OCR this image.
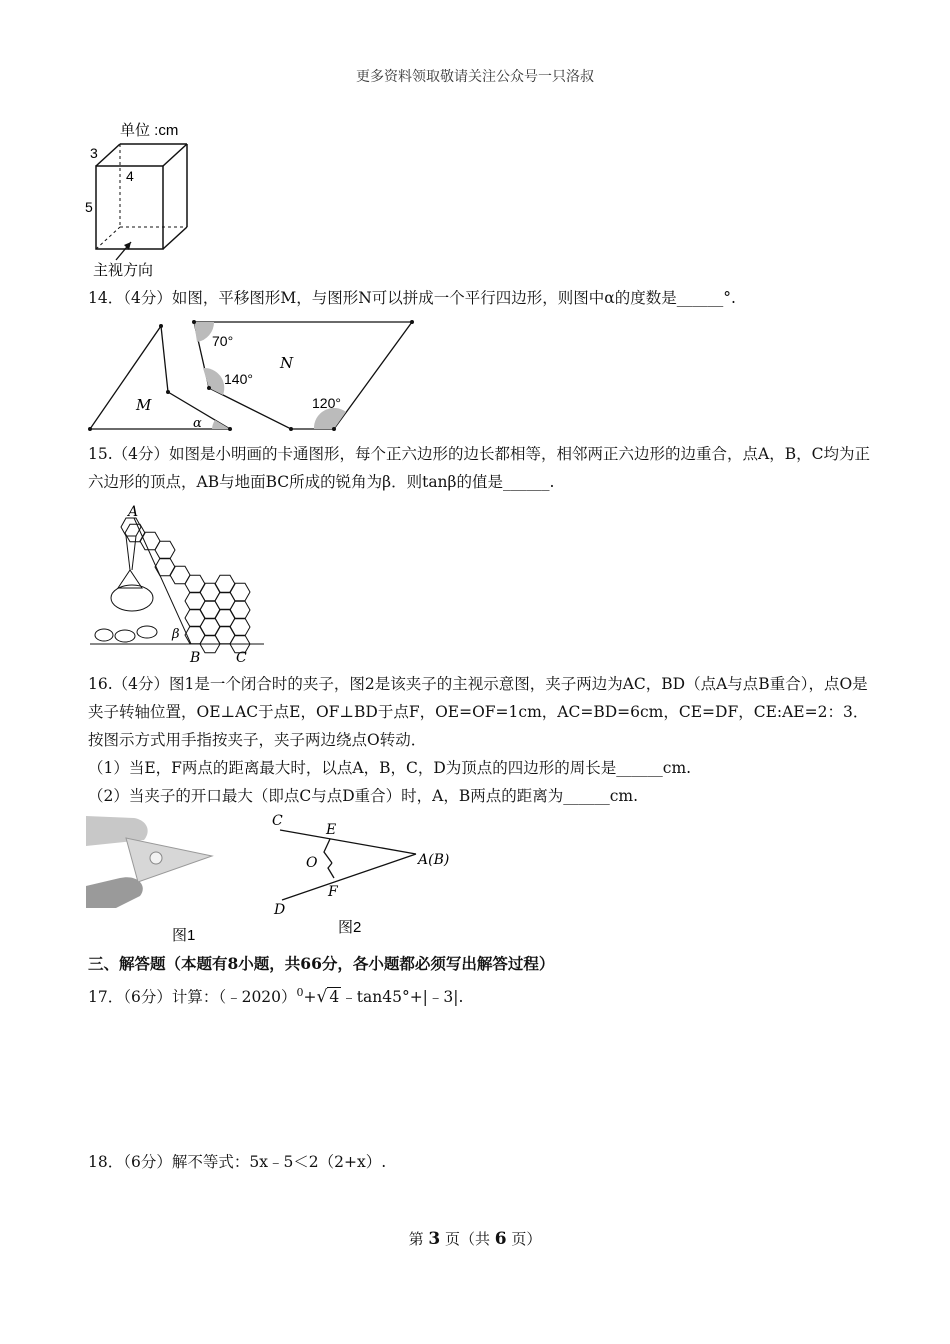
更多资料领取敬请关注公众号一只洛叔
单位 :cm
3
4
5
主视方向
14．（4分）如图，平移图形M，与图形N可以拼成一个平行四边形，则图中α的度数是______°.
70°
140°
120°
M
N
α
15.（4分）如图是小明画的卡通图形，每个正六边形的边长都相等，相邻两正六边形的边重合，点A，B，C均为正六边形的顶点，AB与地面BC所成的锐角为β．则tanβ的值是______.
A
B	C
β
16.（4分）图1是一个闭合时的夹子，图2是该夹子的主视示意图，夹子两边为AC，BD（点A与点B重合），点O是夹子转轴位置，OE⊥AC于点E，OF⊥BD于点F，OE=OF=1cm，AC=BD=6cm，CE=DF，CE:AE=2：3．按图示方式用手指按夹子，夹子两边绕点O转动．
（1）当E，F两点的距离最大时，以点A，B，C，D为顶点的四边形的周长是______cm.
（2）当夹子的开口最大（即点C与点D重合）时，A，B两点的距离为______cm.
图1
C
E
O	A(B)
F
D
图2
三、解答题（本题有8小题，共66分，各小题都必须写出解答过程）
17．（6分）计算：（﹣2020）$^0$+√ 4 ﹣tan45°+|﹣3|.
18．（6分）解不等式：5x﹣5＜2（2+x）.
第 3 页（共 6 页）
